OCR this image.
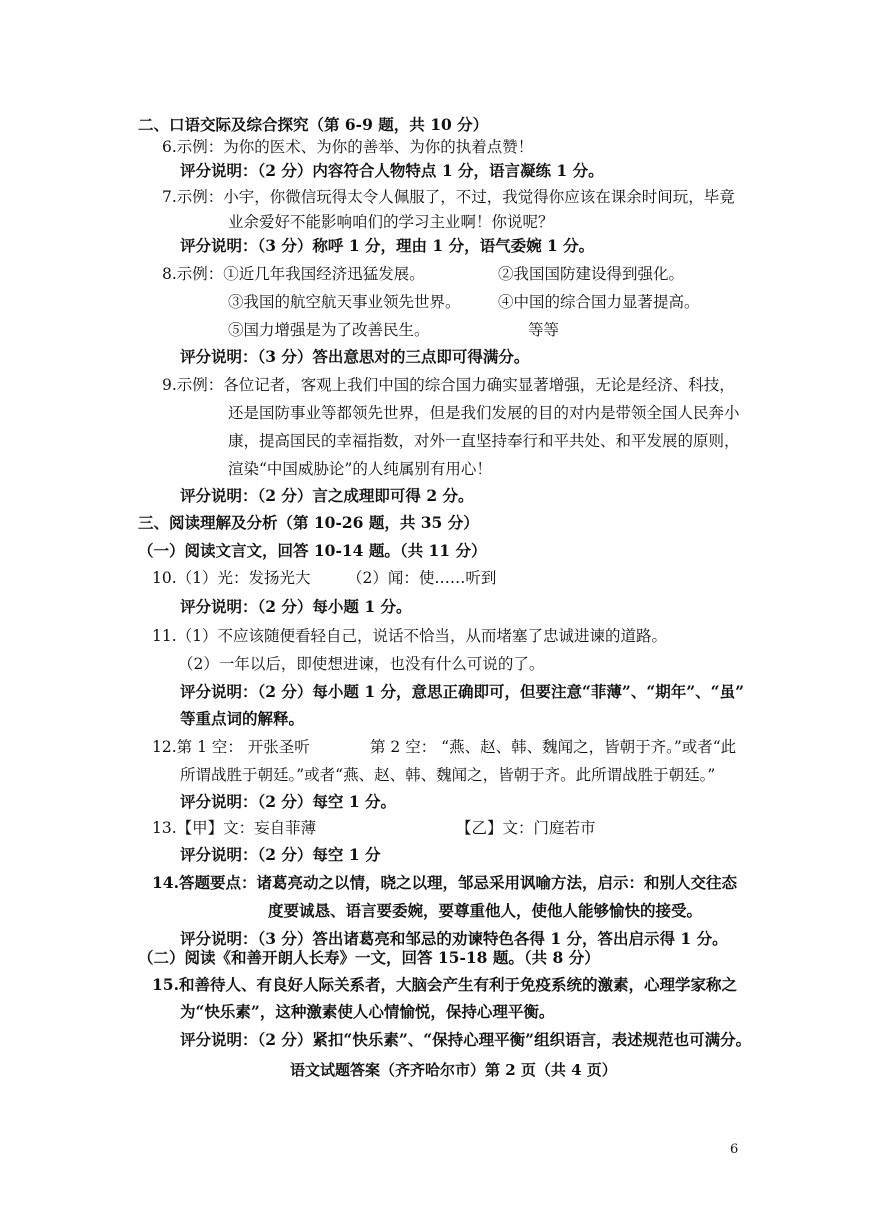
二、口语交际及综合探究（第 6-9 题，共 10 分）
6.示例：为你的医术、为你的善举、为你的执着点赞！
评分说明：（2 分）内容符合人物特点 1 分，语言凝练 1 分。
7.示例：小宇，你微信玩得太令人佩服了，不过，我觉得你应该在课余时间玩，毕竟
业余爱好不能影响咱们的学习主业啊！你说呢？
评分说明：（3 分）称呼 1 分，理由 1 分，语气委婉 1 分。
8.示例：①近几年我国经济迅猛发展。	②我国国防建设得到强化。
③我国的航空航天事业领先世界。 ④中国的综合国力显著提高。
⑤国力增强是为了改善民生。	等等
评分说明：（3 分）答出意思对的三点即可得满分。
9.示例：各位记者，客观上我们中国的综合国力确实显著增强，无论是经济、科技，
还是国防事业等都领先世界，但是我们发展的目的对内是带领全国人民奔小
康，提高国民的幸福指数，对外一直坚持奉行和平共处、和平发展的原则，
渲染“中国威胁论”的人纯属别有用心！
评分说明：（2 分）言之成理即可得 2 分。
三、阅读理解及分析（第 10-26 题，共 35 分）
（一）阅读文言文，回答 10-14 题。（共 11 分）
10.（1）光：发扬光大 （2）闻：使……听到
评分说明：（2 分）每小题 1 分。
11.（1）不应该随便看轻自己，说话不恰当，从而堵塞了忠诚进谏的道路。
（2）一年以后，即使想进谏，也没有什么可说的了。
评分说明：（2 分）每小题 1 分，意思正确即可，但要注意“菲薄”、“期年”、“虽”
等重点词的解释。
12.第 1 空： 开张圣听	第 2 空： “燕、赵、韩、魏闻之，皆朝于齐。”或者“此
所谓战胜于朝廷。”或者“燕、赵、韩、魏闻之，皆朝于齐。此所谓战胜于朝廷。”
评分说明：（2 分）每空 1 分。
13.【甲】文：妄自菲薄	【乙】文：门庭若市
评分说明：（2 分）每空 1 分
14.答题要点：诸葛亮动之以情，晓之以理，邹忌采用讽喻方法，启示：和别人交往态
度要诚恳、语言要委婉，要尊重他人，使他人能够愉快的接受。
评分说明：（3 分）答出诸葛亮和邹忌的劝谏特色各得 1 分，答出启示得 1 分。
（二）阅读《和善开朗人长寿》一文，回答 15-18 题。（共 8 分）
15.和善待人、有良好人际关系者，大脑会产生有利于免疫系统的激素，心理学家称之
为“快乐素”，这种激素使人心情愉悦，保持心理平衡。
评分说明：（2 分）紧扣“快乐素”、“保持心理平衡”组织语言，表述规范也可满分。
语文试题答案（齐齐哈尔市）第 2 页（共 4 页）
6
